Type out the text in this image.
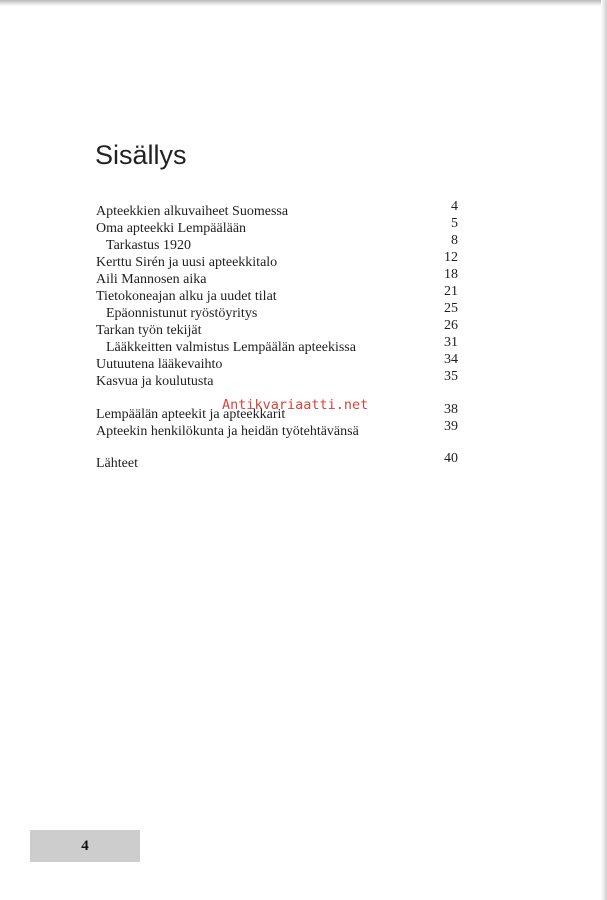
Sisällys
Apteekkien alkuvaiheet Suomessa	4
Oma apteekki Lempäälään	5
Tarkastus 1920	8
Kerttu Sirén ja uusi apteekkitalo	12
Aili Mannosen aika	18
Tietokoneajan alku ja uudet tilat	21
Epäonnistunut ryöstöyritys	25
Tarkan työn tekijät	26
Lääkkeitten valmistus Lempäälän apteekissa	31
Uutuutena lääkevaihto	34
Kasvua ja koulutusta	35
Lempäälän apteekit ja apteekkarit	38
Apteekin henkilökunta ja heidän työtehtävänsä	39
Lähteet	40
Antikvariaatti.net
4
